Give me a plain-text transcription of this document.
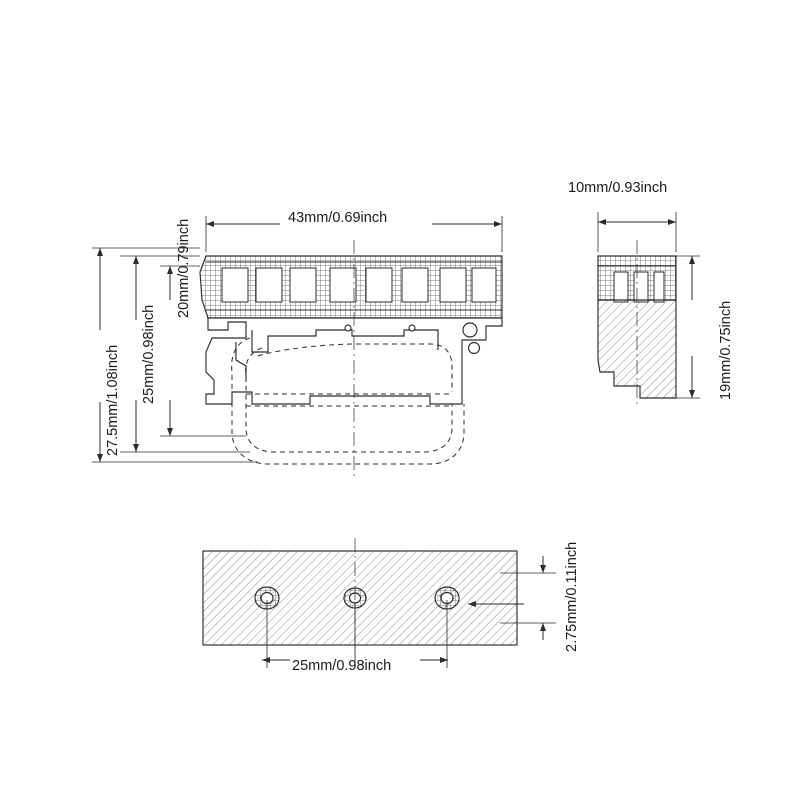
43mm/0.69inch
10mm/0.93inch
19mm/0.75inch
20mm/0.79inch
25mm/0.98inch
27.5mm/1.08inch
25mm/0.98inch
2.75mm/0.11inch
